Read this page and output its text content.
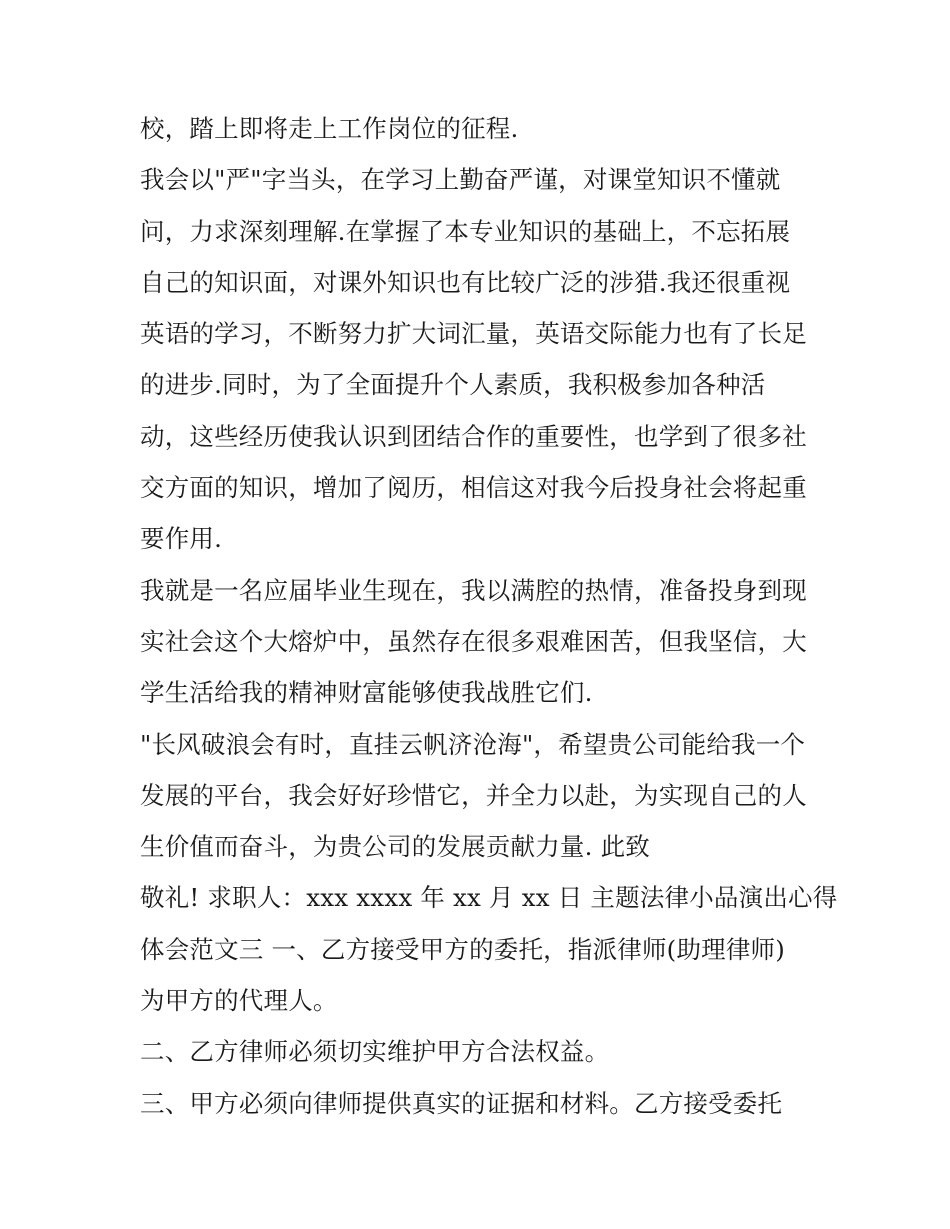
校，踏上即将走上工作岗位的征程.
我会以"严"字当头，在学习上勤奋严谨，对课堂知识不懂就
问，力求深刻理解.在掌握了本专业知识的基础上，不忘拓展
自己的知识面，对课外知识也有比较广泛的涉猎.我还很重视
英语的学习，不断努力扩大词汇量，英语交际能力也有了长足
的进步.同时，为了全面提升个人素质，我积极参加各种活
动，这些经历使我认识到团结合作的重要性，也学到了很多社
交方面的知识，增加了阅历，相信这对我今后投身社会将起重
要作用.
我就是一名应届毕业生现在，我以满腔的热情，准备投身到现
实社会这个大熔炉中，虽然存在很多艰难困苦，但我坚信，大
学生活给我的精神财富能够使我战胜它们.
"长风破浪会有时，直挂云帆济沧海"，希望贵公司能给我一个
发展的平台，我会好好珍惜它，并全力以赴，为实现自己的人
生价值而奋斗，为贵公司的发展贡献力量. 此致
敬礼! 求职人：xxx xxxx 年 xx 月 xx 日 主题法律小品演出心得
体会范文三 一、乙方接受甲方的委托，指派律师(助理律师)
为甲方的代理人。
二、乙方律师必须切实维护甲方合法权益。
三、甲方必须向律师提供真实的证据和材料。乙方接受委托
